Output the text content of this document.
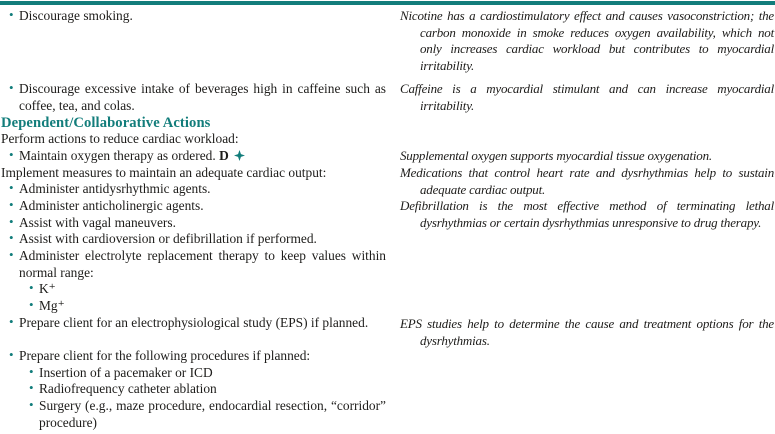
•
Discourage smoking.
•
Discourage excessive intake of beverages high in caffeine such as coffee, tea, and colas.
Dependent/Collaborative Actions
Perform actions to reduce cardiac workload:
•
Maintain oxygen therapy as ordered. D
Implement measures to maintain an adequate cardiac output:
•
Administer antidysrhythmic agents.
•
Administer anticholinergic agents.
•
Assist with vagal maneuvers.
•
Assist with cardioversion or defibrillation if performed.
•
Administer electrolyte replacement therapy to keep values within normal range:
•
K⁺
•
Mg⁺
•
Prepare client for an electrophysiological study (EPS) if planned.
•
Prepare client for the following procedures if planned:
•
Insertion of a pacemaker or ICD
•
Radiofrequency catheter ablation
•
Surgery (e.g., maze procedure, endocardial resection, “corridor” procedure)
Nicotine has a cardiostimulatory effect and causes vasoconstriction; the carbon monoxide in smoke reduces oxygen availability, which not only increases cardiac workload but contributes to myocardial irritability.
Caffeine is a myocardial stimulant and can increase myocardial irritability.
Supplemental oxygen supports myocardial tissue oxygenation.
Medications that control heart rate and dysrhythmias help to sustain adequate cardiac output.
Defibrillation is the most effective method of terminating lethal dysrhythmias or certain dysrhythmias unresponsive to drug therapy.
EPS studies help to determine the cause and treatment options for the dysrhythmias.
